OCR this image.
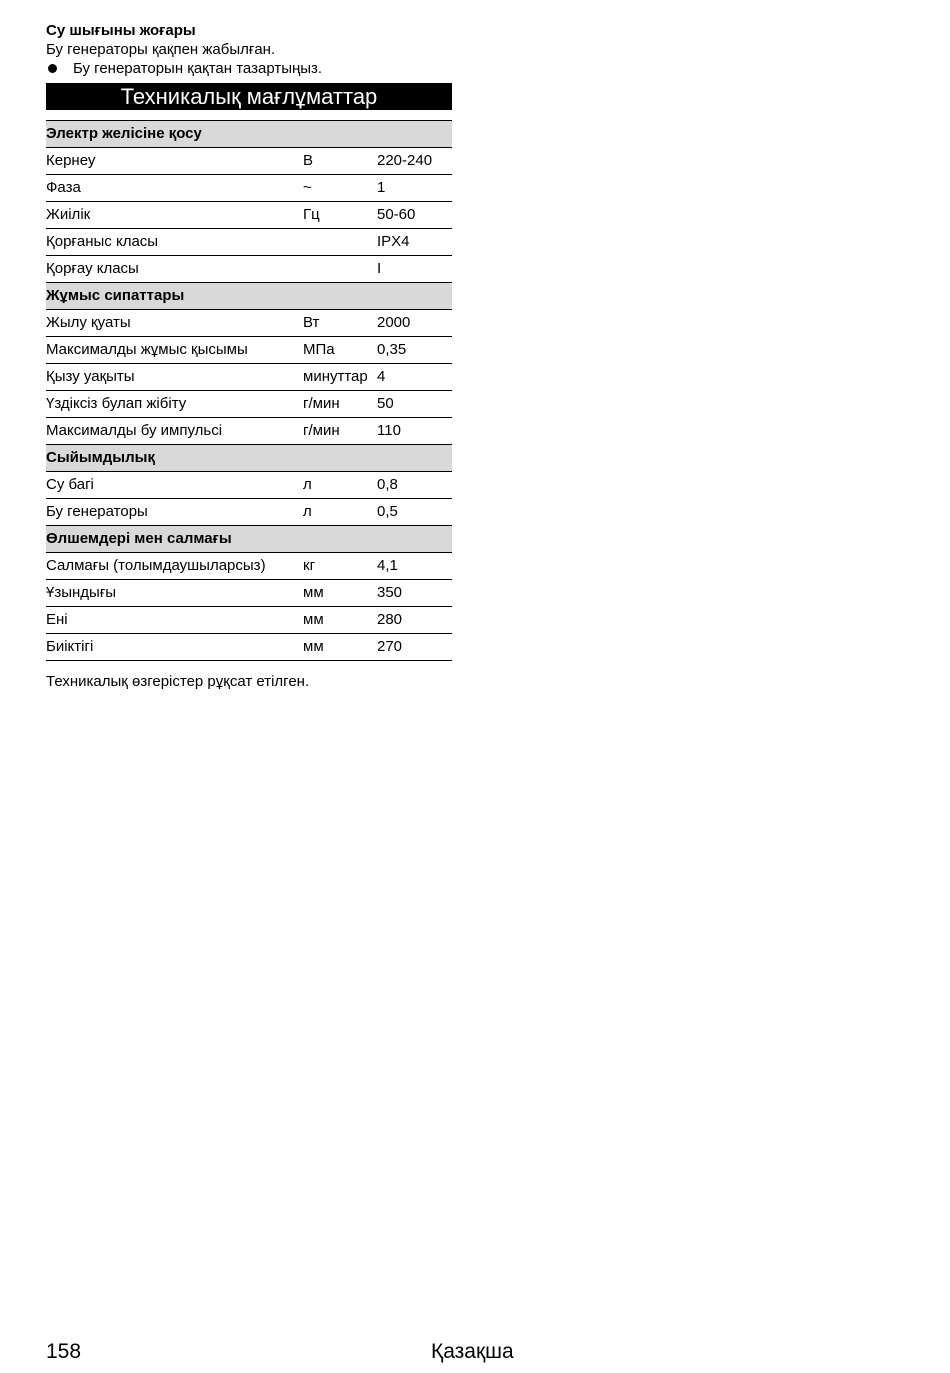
Су шығыны жоғары
Бу генераторы қақпен жабылған.
Бу генераторын қақтан тазартыңыз.
Техникалық мағлұматтар
Электр желісіне қосу		
Кернеу	В	220-240
Фаза	~	1
Жиілік	Гц	50-60
Қорғаныс класы		IPX4
Қорғау класы		I
Жұмыс сипаттары		
Жылу қуаты	Вт	2000
Максималды жұмыс қысымы	МПа	0,35
Қызу уақыты	минуттар	4
Үздіксіз булап жібіту	г/мин	50
Максималды бу импульсі	г/мин	110
Сыйымдылық		
Су багі	л	0,8
Бу генераторы	л	0,5
Өлшемдері мен салмағы		
Салмағы (толымдаушыларсыз)	кг	4,1
Ұзындығы	мм	350
Ені	мм	280
Биіктігі	мм	270
Техникалық өзгерістер рұқсат етілген.
158	Қазақша
